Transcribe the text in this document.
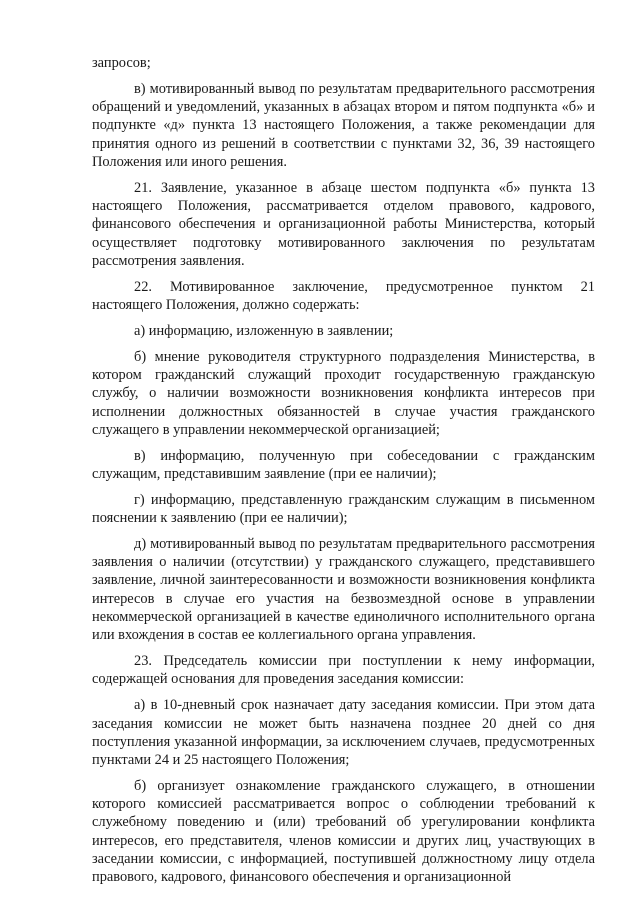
запросов;

в) мотивированный вывод по результатам предварительного рассмотрения обращений и уведомлений, указанных в абзацах втором и пятом подпункта «б» и подпункте «д» пункта 13 настоящего Положения, а также рекомендации для принятия одного из решений в соответствии с пунктами 32, 36, 39 настоящего Положения или иного решения.

21. Заявление, указанное в абзаце шестом подпункта «б» пункта 13 настоящего Положения, рассматривается отделом правового, кадрового, финансового обеспечения и организационной работы Министерства, который осуществляет подготовку мотивированного заключения по результатам рассмотрения заявления.

22. Мотивированное заключение, предусмотренное пунктом 21 настоящего Положения, должно содержать:

а) информацию, изложенную в заявлении;

б) мнение руководителя структурного подразделения Министерства, в котором гражданский служащий проходит государственную гражданскую службу, о наличии возможности возникновения конфликта интересов при исполнении должностных обязанностей в случае участия гражданского служащего в управлении некоммерческой организацией;

в) информацию, полученную при собеседовании с гражданским служащим, представившим заявление (при ее наличии);

г) информацию, представленную гражданским служащим в письменном пояснении к заявлению (при ее наличии);

д) мотивированный вывод по результатам предварительного рассмотрения заявления о наличии (отсутствии) у гражданского служащего, представившего заявление, личной заинтересованности и возможности возникновения конфликта интересов в случае его участия на безвозмездной основе в управлении некоммерческой организацией в качестве единоличного исполнительного органа или вхождения в состав ее коллегиального органа управления.

23. Председатель комиссии при поступлении к нему информации, содержащей основания для проведения заседания комиссии:

а) в 10-дневный срок назначает дату заседания комиссии. При этом дата заседания комиссии не может быть назначена позднее 20 дней со дня поступления указанной информации, за исключением случаев, предусмотренных пунктами 24 и 25 настоящего Положения;

б) организует ознакомление гражданского служащего, в отношении которого комиссией рассматривается вопрос о соблюдении требований к служебному поведению и (или) требований об урегулировании конфликта интересов, его представителя, членов комиссии и других лиц, участвующих в заседании комиссии, с информацией, поступившей должностному лицу отдела правового, кадрового, финансового обеспечения и организационной
